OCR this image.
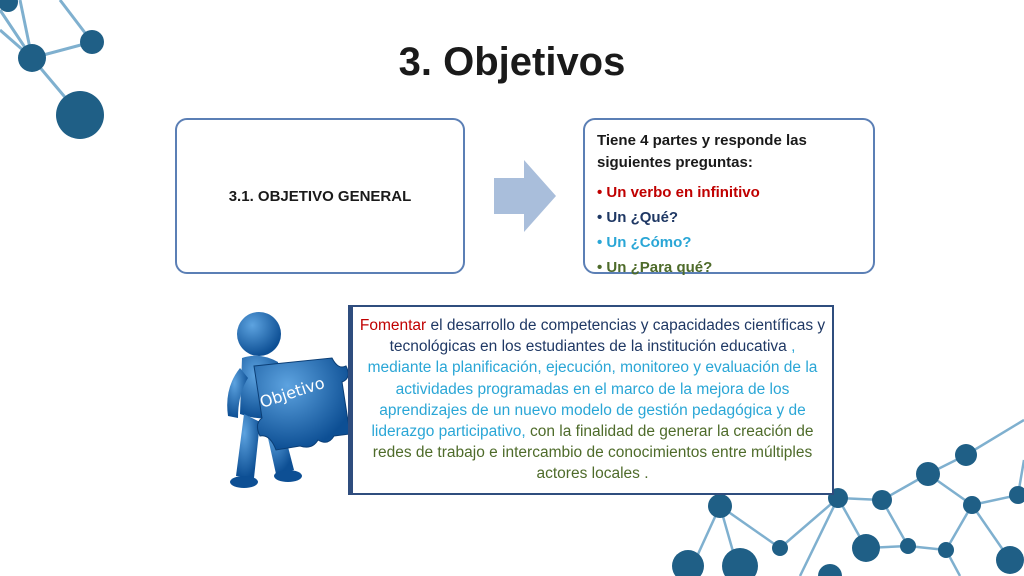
3. Objetivos
3.1. OBJETIVO GENERAL
Tiene 4 partes y responde las siguientes preguntas:
• Un verbo en infinitivo
• Un ¿Qué?
• Un ¿Cómo?
• Un ¿Para qué?
Objetivo
Fomentar el desarrollo de competencias y capacidades científicas y tecnológicas en los estudiantes de la institución educativa , mediante la planificación, ejecución, monitoreo y evaluación de la actividades programadas en el marco de la mejora de los aprendizajes de un nuevo modelo de gestión pedagógica y de liderazgo participativo, con la finalidad de generar la creación de redes de trabajo e intercambio de conocimientos entre múltiples actores locales .
